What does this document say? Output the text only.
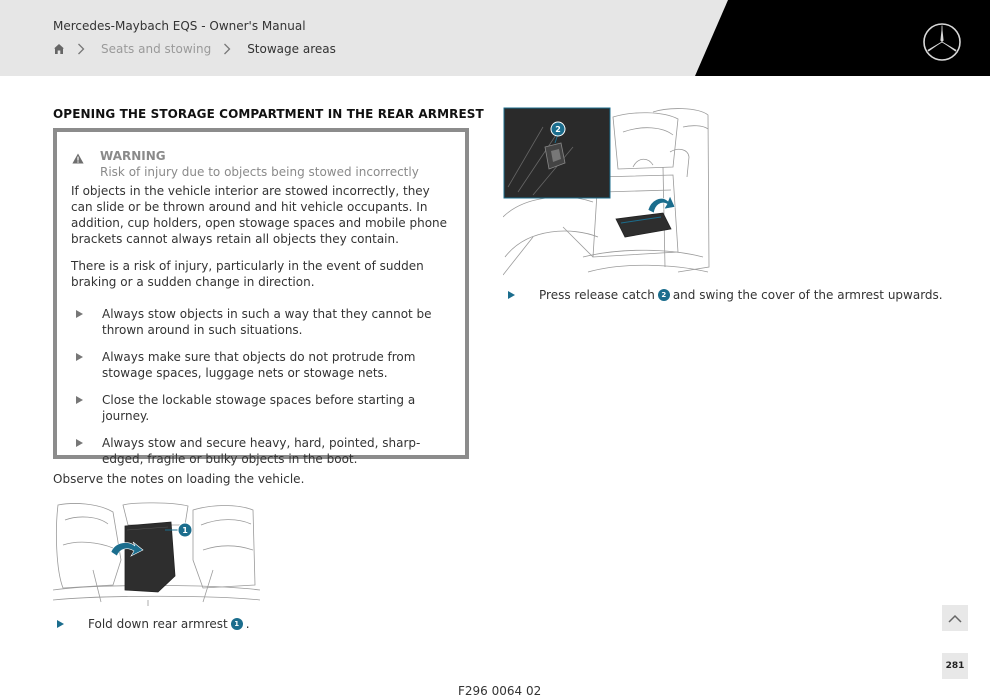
Mercedes-Maybach EQS - Owner's Manual
Seats and stowing	Stowage areas
OPENING THE STORAGE COMPARTMENT IN THE REAR ARMREST
WARNING
Risk of injury due to objects being stowed incorrectly

If objects in the vehicle interior are stowed incorrectly, they can slide or be thrown around and hit vehicle occupants. In addition, cup holders, open stowage spaces and mobile phone brackets cannot always retain all objects they contain.

There is a risk of injury, particularly in the event of sudden braking or a sudden change in direction.

Always stow objects in such a way that they cannot be thrown around in such situations.
Always make sure that objects do not protrude from stowage spaces, luggage nets or stowage nets.
Close the lockable stowage spaces before starting a journey.
Always stow and secure heavy, hard, pointed, sharp-edged, fragile or bulky objects in the boot.
Observe the notes on loading the vehicle.
1
Fold down rear armrest 1 .
2
Press release catch 2 and swing the cover of the armrest upwards.
281
F296 0064 02
